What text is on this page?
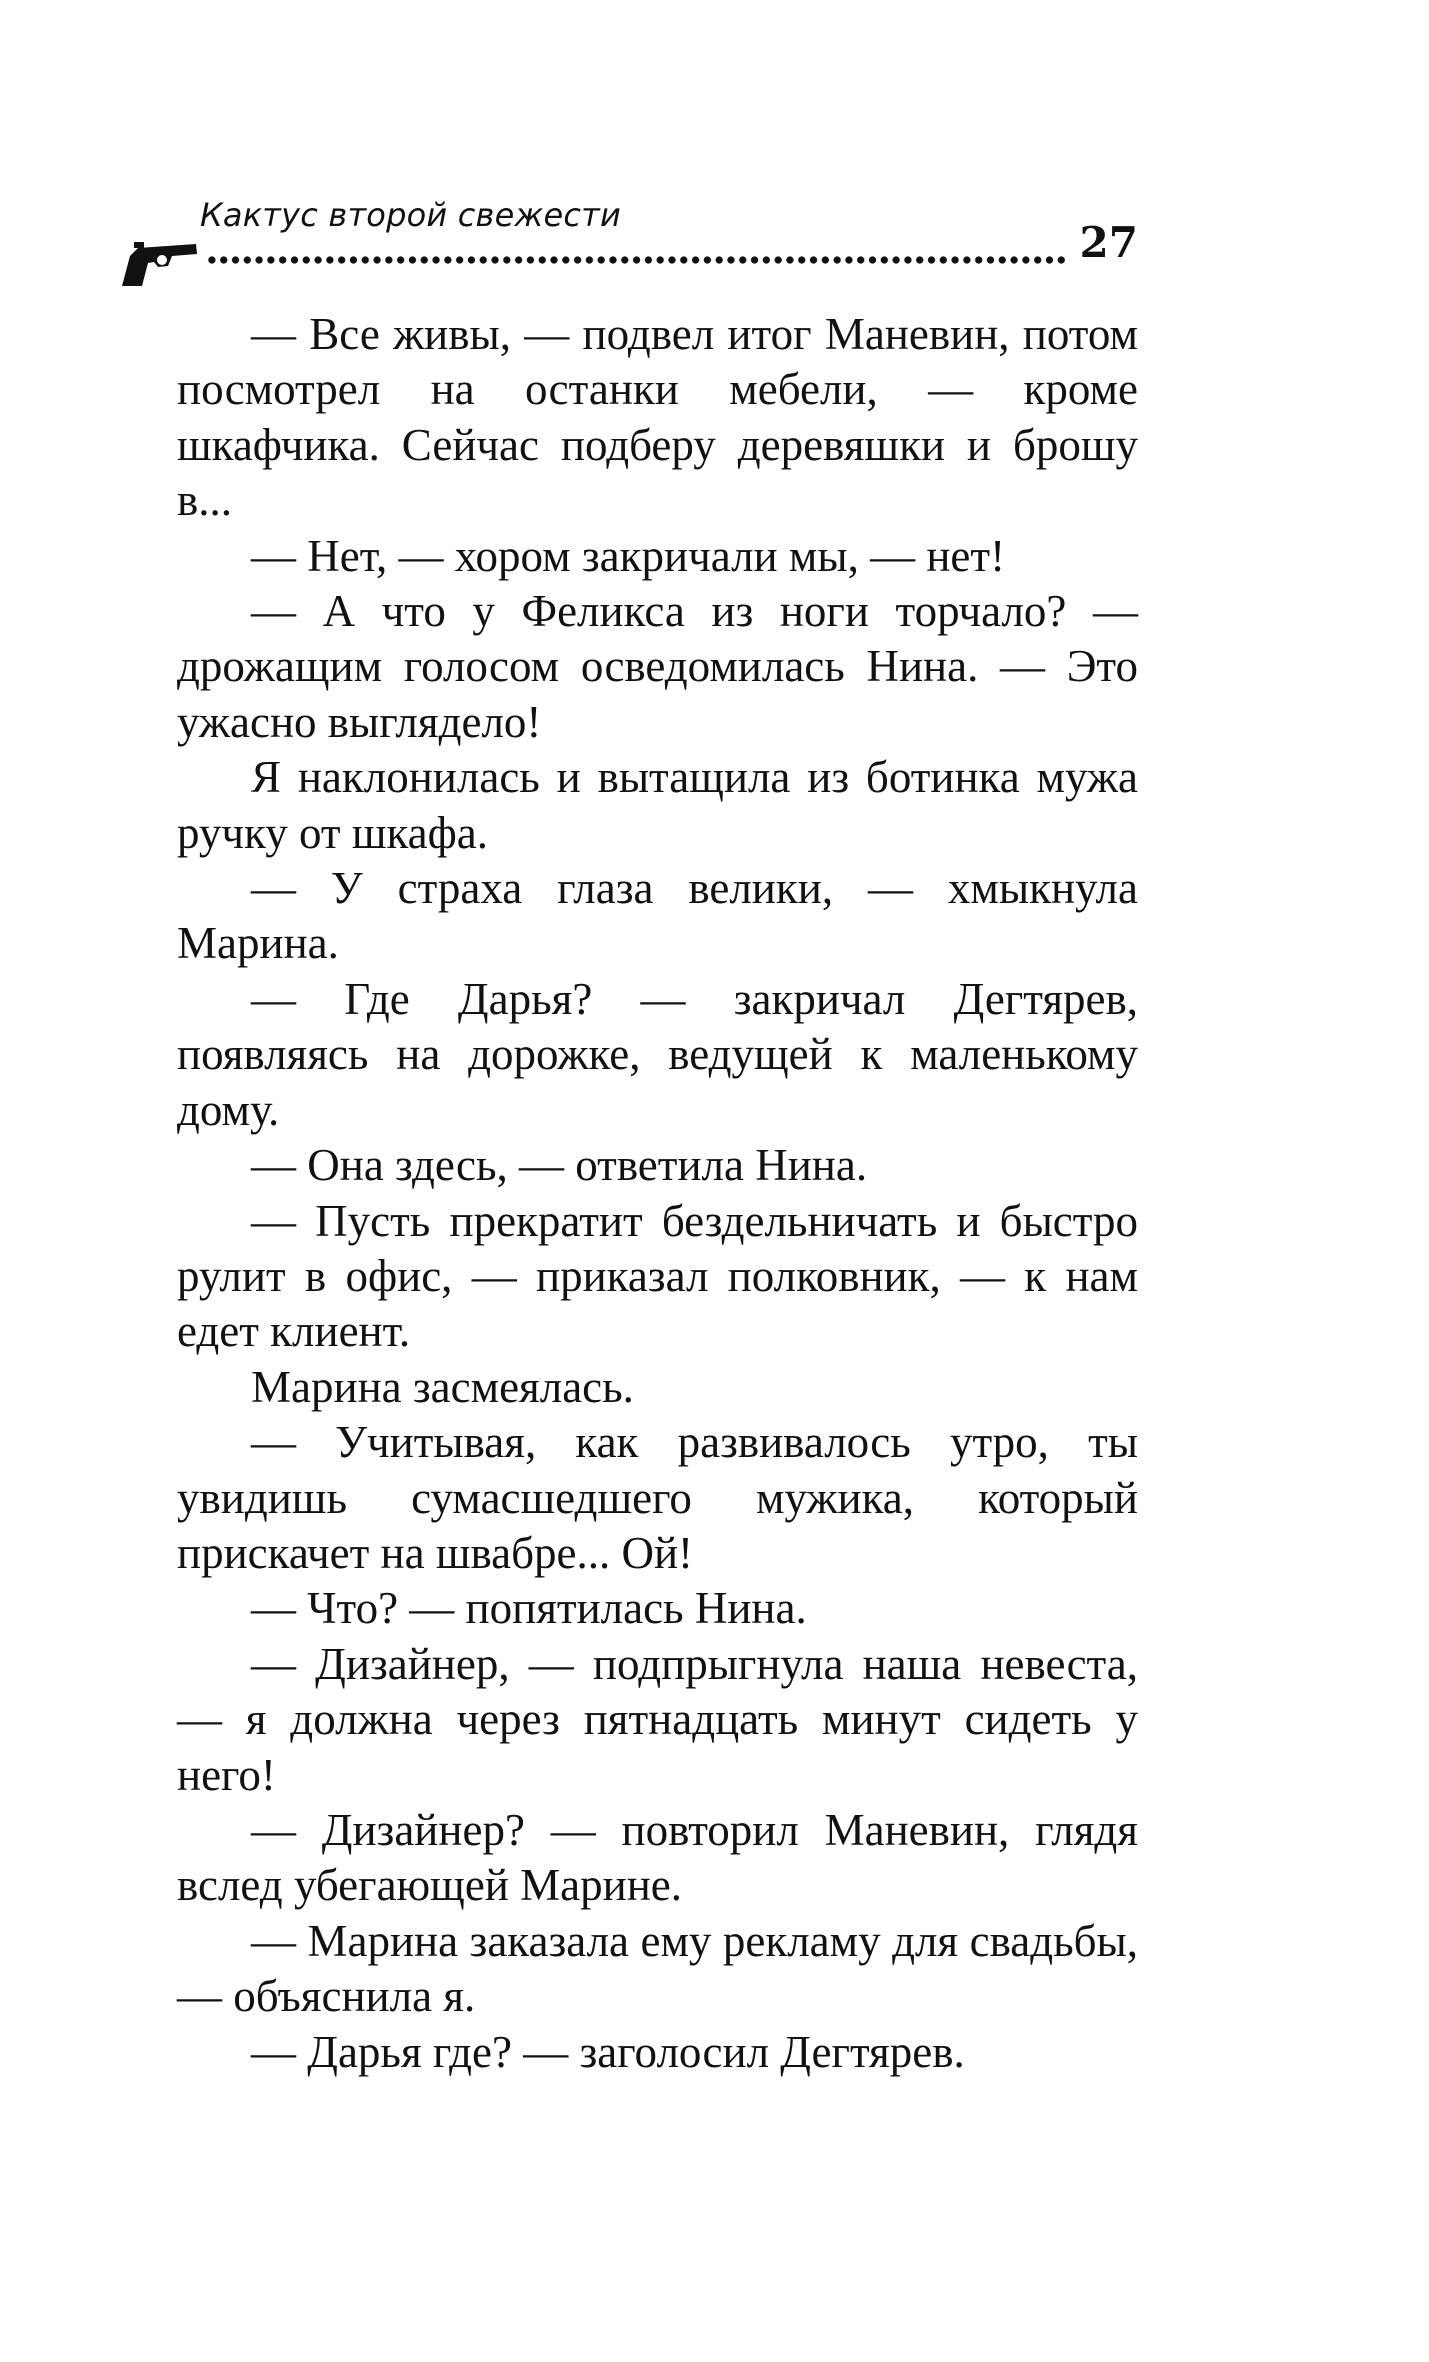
Кактус второй свежести
27

— Все живы, — подвел итог Маневин, потом посмотрел на останки мебели, — кроме шкафчика. Сейчас подберу деревяшки и брошу в...

— Нет, — хором закричали мы, — нет!

— А что у Феликса из ноги торчало? — дрожащим голосом осведомилась Нина. — Это ужасно выглядело!

Я наклонилась и вытащила из ботинка мужа ручку от шкафа.

— У страха глаза велики, — хмыкнула Марина.

— Где Дарья? — закричал Дегтярев, появляясь на дорожке, ведущей к маленькому дому.

— Она здесь, — ответила Нина.

— Пусть прекратит бездельничать и быстро рулит в офис, — приказал полковник, — к нам едет клиент.

Марина засмеялась.

— Учитывая, как развивалось утро, ты увидишь сумасшедшего мужика, который прискачет на швабре... Ой!

— Что? — попятилась Нина.

— Дизайнер, — подпрыгнула наша невеста, — я должна через пятнадцать минут сидеть у него!

— Дизайнер? — повторил Маневин, глядя вслед убегающей Марине.

— Марина заказала ему рекламу для свадьбы, — объяснила я.

— Дарья где? — заголосил Дегтярев.
